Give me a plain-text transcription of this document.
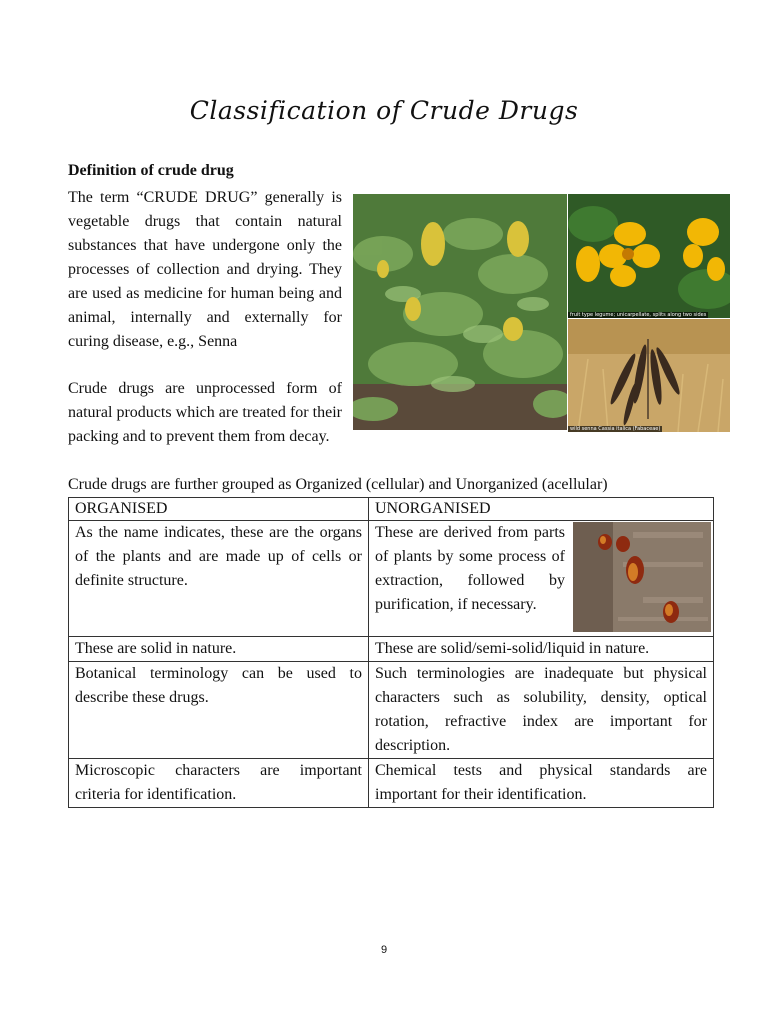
Classification of Crude Drugs
Definition of crude drug
The term “CRUDE DRUG” generally is vegetable drugs that contain natural substances that have undergone only the processes of collection and drying. They are used as medicine for human being and animal, internally and externally for curing disease, e.g., Senna
Crude drugs are unprocessed form of natural products which are treated for their packing and to prevent them from decay.
Crude drugs are further grouped as Organized (cellular) and Unorganized (acellular)
fruit type legume; unicarpellate, splits along two sides
wild senna Cassia italica (Fabaceae)
ORGANISED	UNORGANISED
As the name indicates, these are the organs of the plants and are made up of cells or definite structure.	These are derived from parts of plants by some process of extraction, followed by purification, if necessary.

These are solid in nature.	These are solid/semi-solid/liquid in nature.
Botanical terminology can be used to describe these drugs.	Such terminologies are inadequate but physical characters such as solubility, density, optical rotation, refractive index are important for description.
Microscopic characters are important criteria for identification.	Chemical tests and physical standards are important for their identification.
9
